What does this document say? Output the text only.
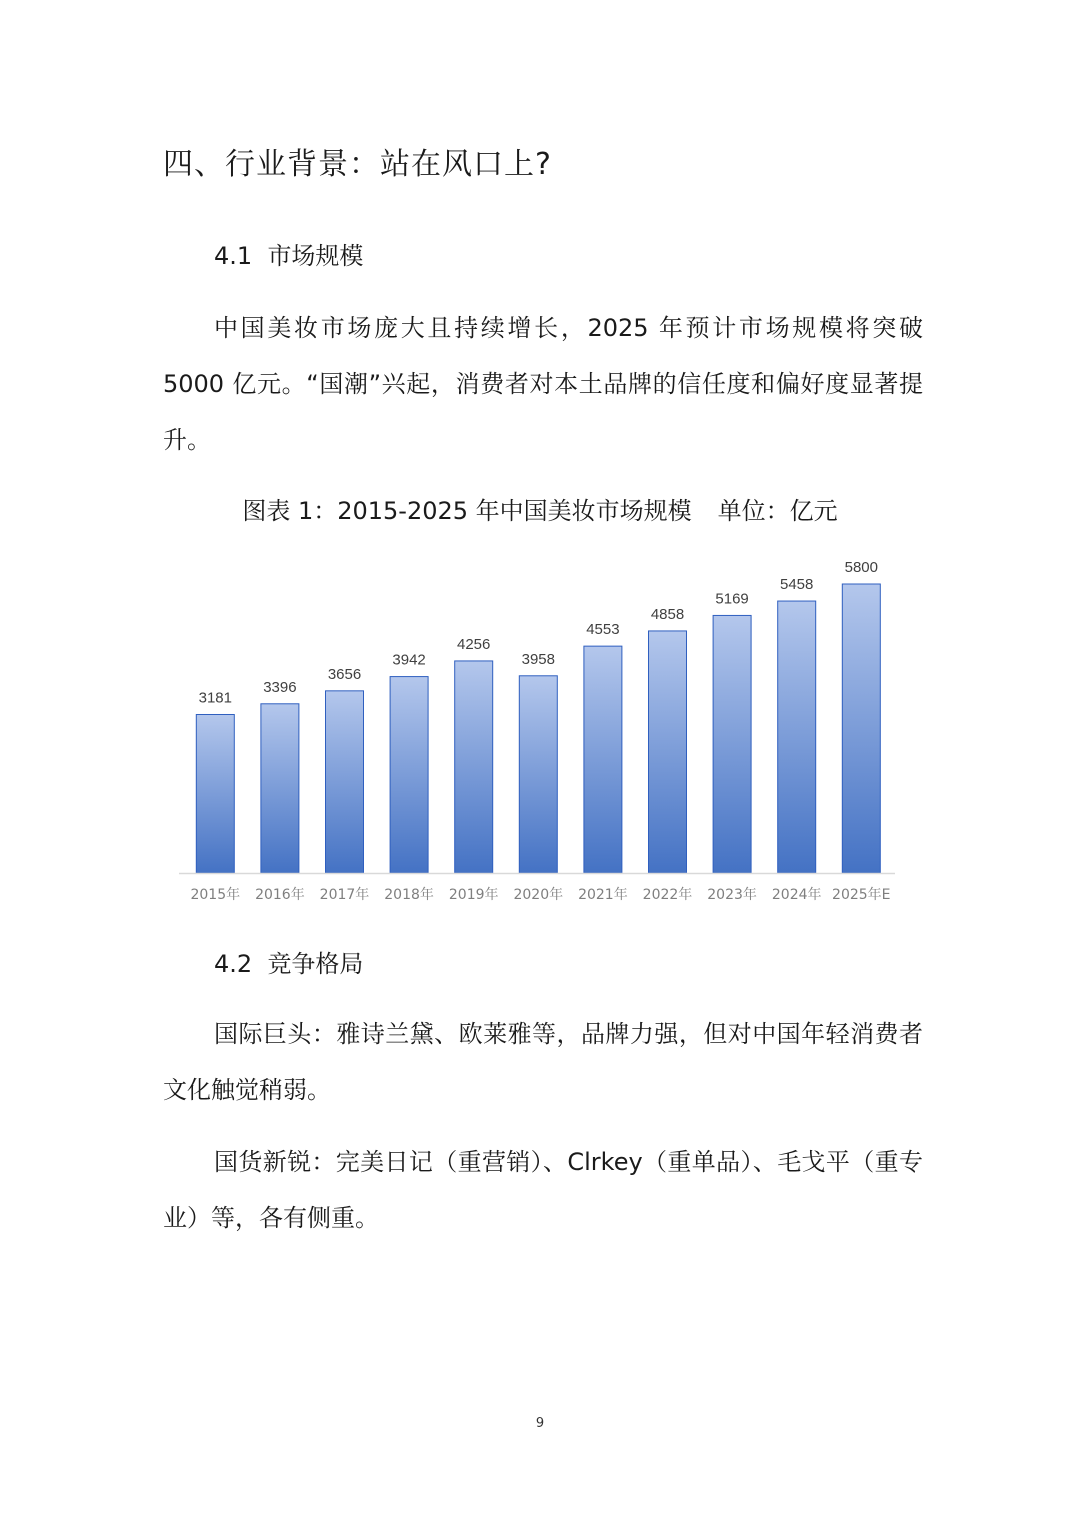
四、行业背景：站在风口上?
4.1 市场规模
中国美妆市场庞大且持续增长，2025 年预计市场规模将突破 5000 亿元。“国潮”兴起，消费者对本土品牌的信任度和偏好度显著提升。
图表 1：2015-2025 年中国美妆市场规模 单位：亿元
3181
2015年
3396
2016年
3656
2017年
3942
2018年
4256
2019年
3958
2020年
4553
2021年
4858
2022年
5169
2023年
5458
2024年
5800
2025年E
4.2 竞争格局
国际巨头：雅诗兰黛、欧莱雅等，品牌力强，但对中国年轻消费者文化触觉稍弱。
国货新锐：完美日记（重营销）、Clrkey（重单品）、毛戈平（重专业）等，各有侧重。
9
